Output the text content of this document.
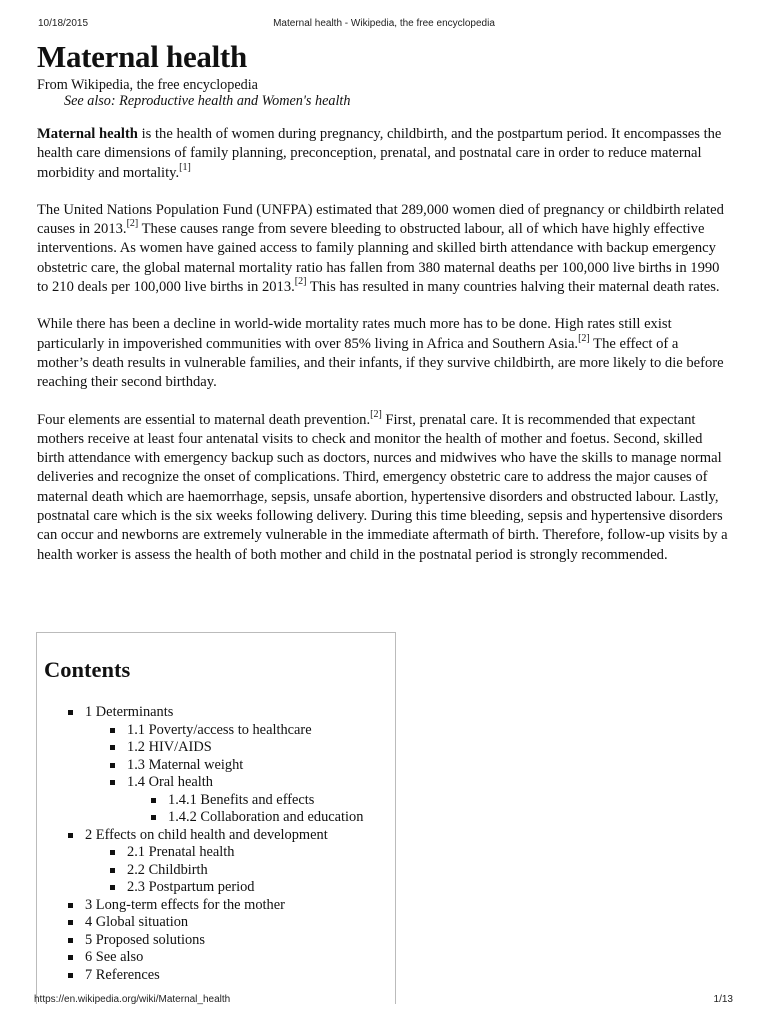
10/18/2015	Maternal health - Wikipedia, the free encyclopedia
Maternal health
From Wikipedia, the free encyclopedia
See also: Reproductive health and Women's health

Maternal health is the health of women during pregnancy, childbirth, and the postpartum period. It encompasses the health care dimensions of family planning, preconception, prenatal, and postnatal care in order to reduce maternal morbidity and mortality.[1]

The United Nations Population Fund (UNFPA) estimated that 289,000 women died of pregnancy or childbirth related causes in 2013.[2] These causes range from severe bleeding to obstructed labour, all of which have highly effective interventions. As women have gained access to family planning and skilled birth attendance with backup emergency obstetric care, the global maternal mortality ratio has fallen from 380 maternal deaths per 100,000 live births in 1990 to 210 deals per 100,000 live births in 2013.[2] This has resulted in many countries halving their maternal death rates.

While there has been a decline in world-wide mortality rates much more has to be done. High rates still exist particularly in impoverished communities with over 85% living in Africa and Southern Asia.[2] The effect of a mother’s death results in vulnerable families, and their infants, if they survive childbirth, are more likely to die before reaching their second birthday.

Four elements are essential to maternal death prevention.[2] First, prenatal care. It is recommended that expectant mothers receive at least four antenatal visits to check and monitor the health of mother and foetus. Second, skilled birth attendance with emergency backup such as doctors, nurces and midwives who have the skills to manage normal deliveries and recognize the onset of complications. Third, emergency obstetric care to address the major causes of maternal death which are haemorrhage, sepsis, unsafe abortion, hypertensive disorders and obstructed labour. Lastly, postnatal care which is the six weeks following delivery. During this time bleeding, sepsis and hypertensive disorders can occur and newborns are extremely vulnerable in the immediate aftermath of birth. Therefore, follow-up visits by a health worker is assess the health of both mother and child in the postnatal period is strongly recommended.

Contents
1 Determinants
1.1 Poverty/access to healthcare
1.2 HIV/AIDS
1.3 Maternal weight
1.4 Oral health
1.4.1 Benefits and effects
1.4.2 Collaboration and education
2 Effects on child health and development
2.1 Prenatal health
2.2 Childbirth
2.3 Postpartum period
3 Long-term effects for the mother
4 Global situation
5 Proposed solutions
6 See also
7 References
https://en.wikipedia.org/wiki/Maternal_health	1/13
